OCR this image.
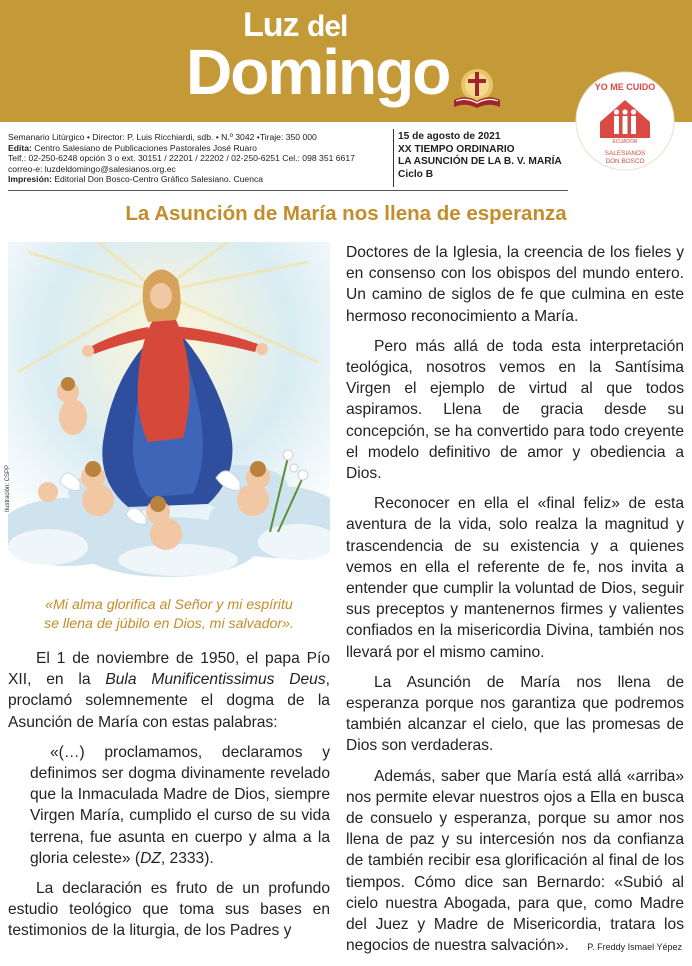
Luz del
Domingo	YO ME CUIDO
ECUADOR
SALESIANOS
DON BOSCO
Semanario Litúrgico • Director: P. Luis Ricchiardi, sdb. • N.º 3042 •Tiraje: 350 000
Edita: Centro Salesiano de Publicaciones Pastorales José Ruaro
Telf.: 02-250-6248 opción 3 o ext. 30151 / 22201 / 22202 / 02-250-6251 Cel.: 098 351 6617
correo-e: luzdeldomingo@salesianos.org.ec
Impresión: Editorial Don Bosco-Centro Gráfico Salesiano. Cuenca
15 de agosto de 2021
XX TIEMPO ORDINARIO
LA ASUNCIÓN DE LA B. V. MARÍA
Ciclo B
La Asunción de María nos llena de esperanza
Ilustración: CSPP
«Mi alma glorifica al Señor y mi espíritu
se llena de júbilo en Dios, mi salvador».

El 1 de noviembre de 1950, el papa Pío XII, en la Bula Munificentissimus Deus, proclamó solemnemente el dogma de la Asunción de María con estas palabras:

«(…) proclamamos, declaramos y definimos ser dogma divinamente revelado que la Inmaculada Madre de Dios, siempre Virgen María, cumplido el curso de su vida terrena, fue asunta en cuerpo y alma a la gloria celeste» (DZ, 2333).

La declaración es fruto de un profundo estudio teológico que toma sus bases en testimonios de la liturgia, de los Padres y

Doctores de la Iglesia, la creencia de los fieles y en consenso con los obispos del mundo entero. Un camino de siglos de fe que culmina en este hermoso reconocimiento a María.

Pero más allá de toda esta interpretación teológica, nosotros vemos en la Santísima Virgen el ejemplo de virtud al que todos aspiramos. Llena de gracia desde su concepción, se ha convertido para todo creyente el modelo definitivo de amor y obediencia a Dios.

Reconocer en ella el «final feliz» de esta aventura de la vida, solo realza la magnitud y trascendencia de su existencia y a quienes vemos en ella el referente de fe, nos invita a entender que cumplir la voluntad de Dios, seguir sus preceptos y mantenernos firmes y valientes confiados en la misericordia Divina, también nos llevará por el mismo camino.

La Asunción de María nos llena de esperanza porque nos garantiza que podremos también alcanzar el cielo, que las promesas de Dios son verdaderas.

Además, saber que María está allá «arriba» nos permite elevar nuestros ojos a Ella en busca de consuelo y esperanza, porque su amor nos llena de paz y su intercesión nos da confianza de también recibir esa glorificación al final de los tiempos. Cómo dice san Bernardo: «Subió al cielo nuestra Abogada, para que, como Madre del Juez y Madre de Misericordia, tratara los negocios de nuestra salvación».	P. Freddy Ismael Yépez
